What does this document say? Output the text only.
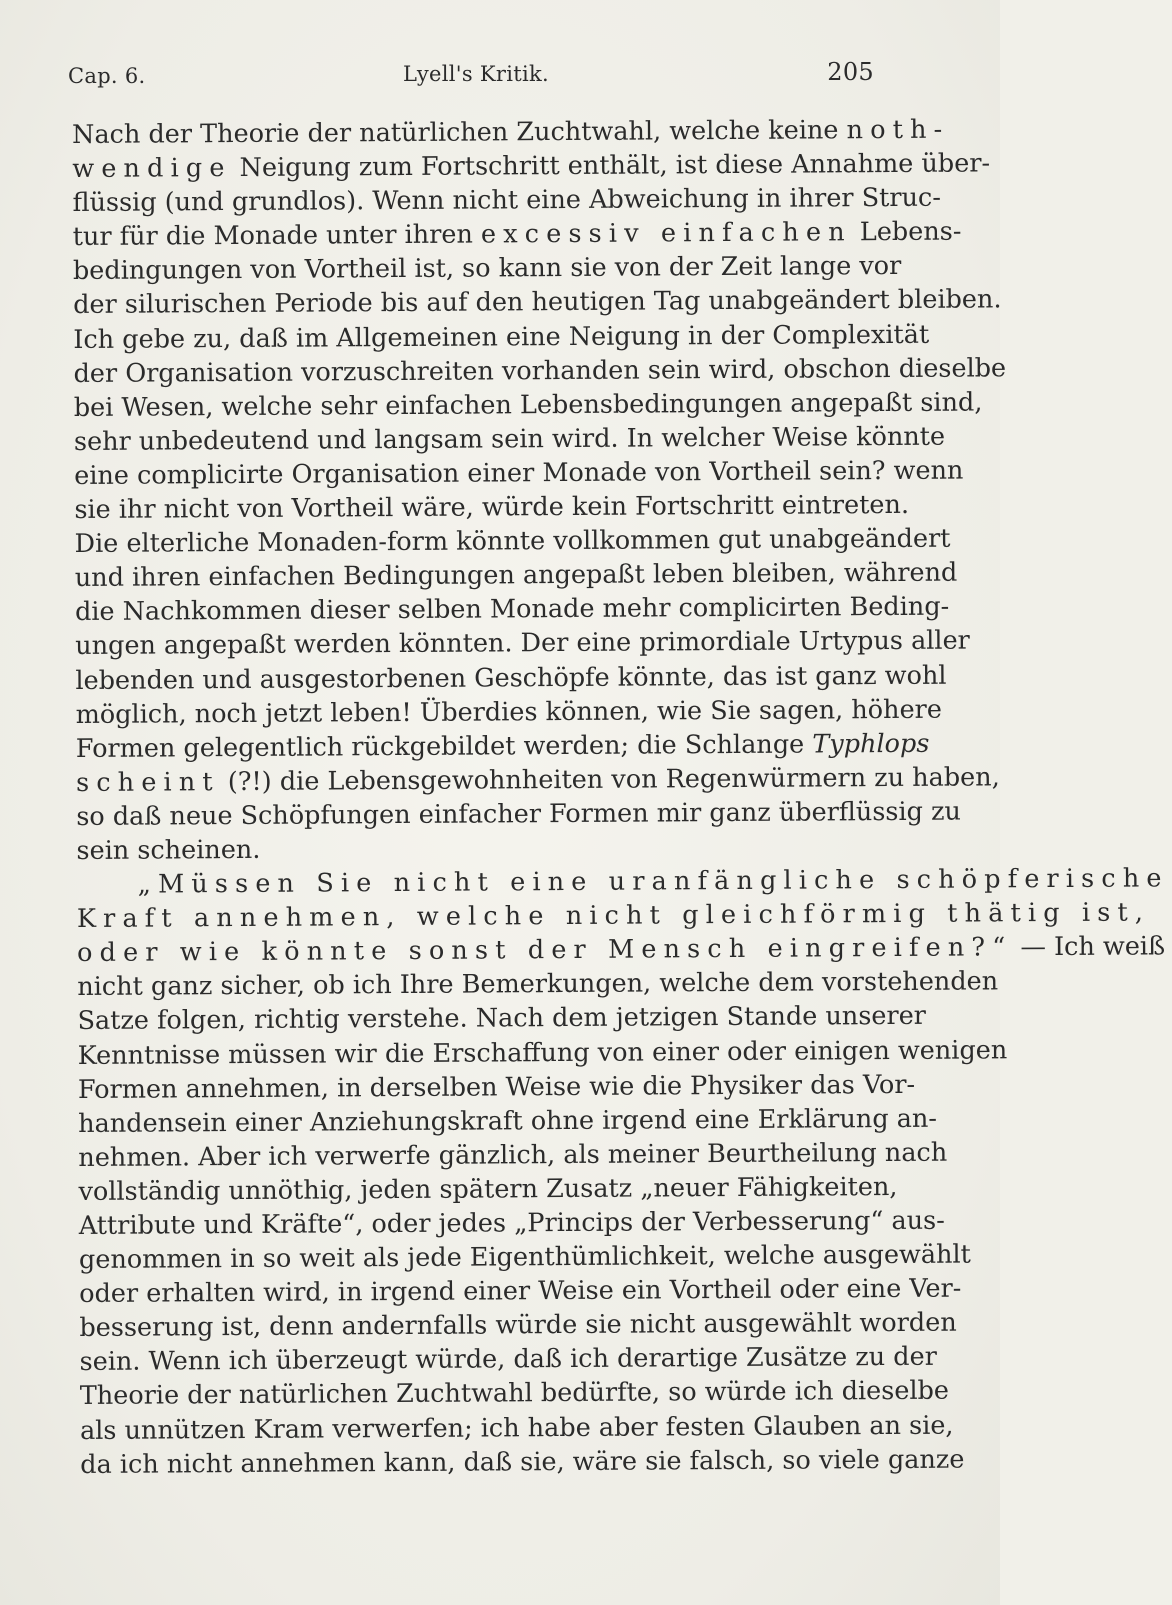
Cap. 6.	Lyell's Kritik.	205
Nach der Theorie der natürlichen Zuchtwahl, welche keine noth-
wendige Neigung zum Fortschritt enthält, ist diese Annahme über-
flüssig (und grundlos). Wenn nicht eine Abweichung in ihrer Struc-
tur für die Monade unter ihren excessiv einfachen Lebens-
bedingungen von Vortheil ist, so kann sie von der Zeit lange vor
der silurischen Periode bis auf den heutigen Tag unabgeändert bleiben.
Ich gebe zu, daß im Allgemeinen eine Neigung in der Complexität
der Organisation vorzuschreiten vorhanden sein wird, obschon dieselbe
bei Wesen, welche sehr einfachen Lebensbedingungen angepaßt sind,
sehr unbedeutend und langsam sein wird. In welcher Weise könnte
eine complicirte Organisation einer Monade von Vortheil sein? wenn
sie ihr nicht von Vortheil wäre, würde kein Fortschritt eintreten.
Die elterliche Monaden-form könnte vollkommen gut unabgeändert
und ihren einfachen Bedingungen angepaßt leben bleiben, während
die Nachkommen dieser selben Monade mehr complicirten Beding-
ungen angepaßt werden könnten. Der eine primordiale Urtypus aller
lebenden und ausgestorbenen Geschöpfe könnte, das ist ganz wohl
möglich, noch jetzt leben! Überdies können, wie Sie sagen, höhere
Formen gelegentlich rückgebildet werden; die Schlange Typhlops
scheint (?!) die Lebensgewohnheiten von Regenwürmern zu haben,
so daß neue Schöpfungen einfacher Formen mir ganz überflüssig zu
sein scheinen.
„Müssen Sie nicht eine uranfängliche schöpferische
Kraft annehmen, welche nicht gleichförmig thätig ist,
oder wie könnte sonst der Mensch eingreifen?“ — Ich weiß
nicht ganz sicher, ob ich Ihre Bemerkungen, welche dem vorstehenden
Satze folgen, richtig verstehe. Nach dem jetzigen Stande unserer
Kenntnisse müssen wir die Erschaffung von einer oder einigen wenigen
Formen annehmen, in derselben Weise wie die Physiker das Vor-
handensein einer Anziehungskraft ohne irgend eine Erklärung an-
nehmen. Aber ich verwerfe gänzlich, als meiner Beurtheilung nach
vollständig unnöthig, jeden spätern Zusatz „neuer Fähigkeiten,
Attribute und Kräfte“, oder jedes „Princips der Verbesserung“ aus-
genommen in so weit als jede Eigenthümlichkeit, welche ausgewählt
oder erhalten wird, in irgend einer Weise ein Vortheil oder eine Ver-
besserung ist, denn andernfalls würde sie nicht ausgewählt worden
sein. Wenn ich überzeugt würde, daß ich derartige Zusätze zu der
Theorie der natürlichen Zuchtwahl bedürfte, so würde ich dieselbe
als unnützen Kram verwerfen; ich habe aber festen Glauben an sie,
da ich nicht annehmen kann, daß sie, wäre sie falsch, so viele ganze
